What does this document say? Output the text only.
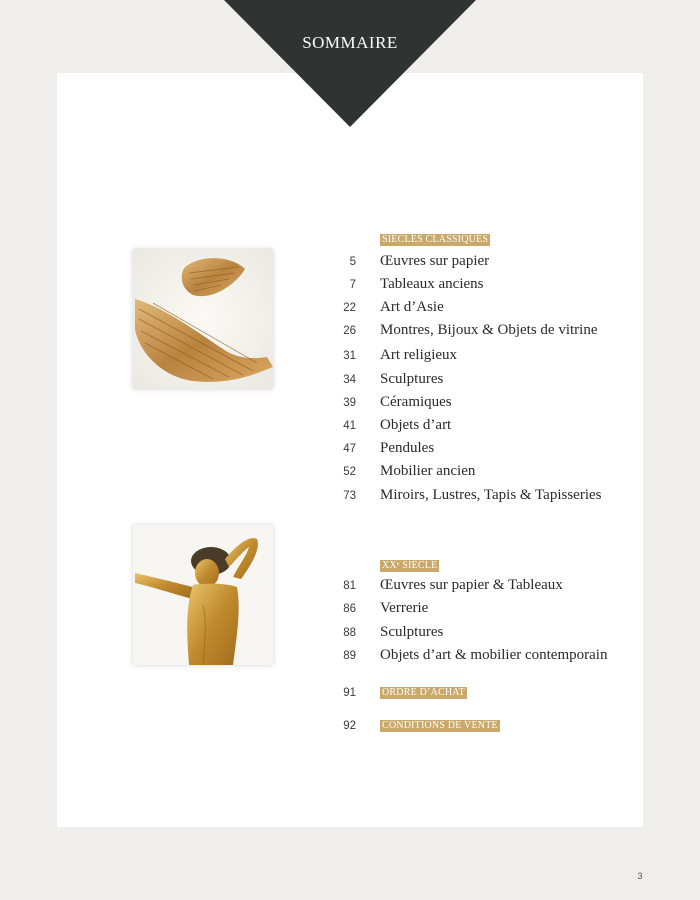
SOMMAIRE
SIÈCLES CLASSIQUES
5 Œuvres sur papier
7 Tableaux anciens
22 Art d’Asie
26 Montres, Bijoux & Objets de vitrine
31 Art religieux
34 Sculptures
39 Céramiques
41 Objets d’art
47 Pendules
52 Mobilier ancien
73 Miroirs, Lustres, Tapis & Tapisseries
XXᵉ SIÈCLE
81 Œuvres sur papier & Tableaux
86 Verrerie
88 Sculptures
89 Objets d’art & mobilier contemporain
91	ORDRE D’ACHAT
92	CONDITIONS DE VENTE
3
